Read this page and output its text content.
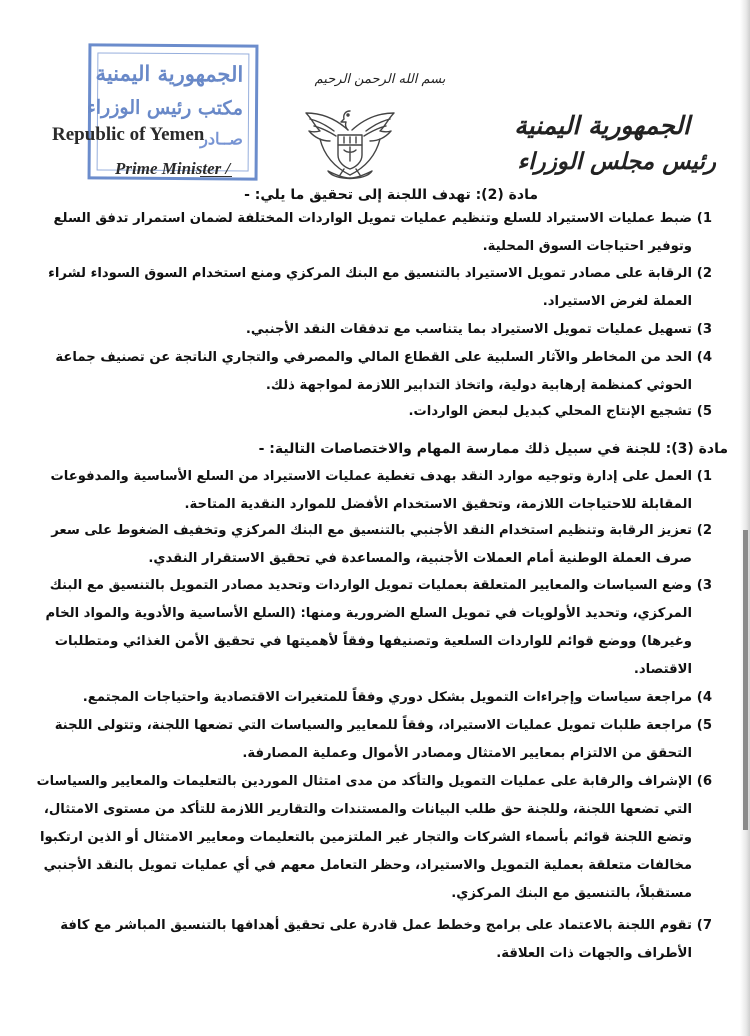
الجمهورية اليمنية
مكتب رئيس الوزراء
صــادر
Republic of Yemen
Prime Minister /
بسم الله الرحمن الرحيم
الجمهورية اليمنية
رئيس مجلس الوزراء
مادة (2): تهدف اللجنة إلى تحقيق ما يلي: -
1)
ضبط عمليات الاستيراد للسلع وتنظيم عمليات تمويل الواردات المختلفة لضمان استمرار تدفق السلع
وتوفير احتياجات السوق المحلية.
2)
الرقابة على مصادر تمويل الاستيراد بالتنسيق مع البنك المركزي ومنع استخدام السوق السوداء لشراء
العملة لغرض الاستيراد.
3)
تسهيل عمليات تمويل الاستيراد بما يتناسب مع تدفقات النقد الأجنبي.
4)
الحد من المخاطر والآثار السلبية على القطاع المالي والمصرفي والتجاري الناتجة عن تصنيف جماعة
الحوثي كمنظمة إرهابية دولية، واتخاذ التدابير اللازمة لمواجهة ذلك.
5)
تشجيع الإنتاج المحلي كبديل لبعض الواردات.
مادة (3): للجنة في سبيل ذلك ممارسة المهام والاختصاصات التالية: -
1)
العمل على إدارة وتوجيه موارد النقد بهدف تغطية عمليات الاستيراد من السلع الأساسية والمدفوعات
المقابلة للاحتياجات اللازمة، وتحقيق الاستخدام الأفضل للموارد النقدية المتاحة.
2)
تعزيز الرقابة وتنظيم استخدام النقد الأجنبي بالتنسيق مع البنك المركزي وتخفيف الضغوط على سعر
صرف العملة الوطنية أمام العملات الأجنبية، والمساعدة في تحقيق الاستقرار النقدي.
3)
وضع السياسات والمعايير المتعلقة بعمليات تمويل الواردات وتحديد مصادر التمويل بالتنسيق مع البنك
المركزي، وتحديد الأولويات في تمويل السلع الضرورية ومنها: (السلع الأساسية والأدوية والمواد الخام
وغيرها) ووضع قوائم للواردات السلعية وتصنيفها وفقاً لأهميتها في تحقيق الأمن الغذائي ومتطلبات
الاقتصاد.
4)
مراجعة سياسات وإجراءات التمويل بشكل دوري وفقاً للمتغيرات الاقتصادية واحتياجات المجتمع.
5)
مراجعة طلبات تمويل عمليات الاستيراد، وفقاً للمعايير والسياسات التي تضعها اللجنة، وتتولى اللجنة
التحقق من الالتزام بمعايير الامتثال ومصادر الأموال وعملية المصارفة.
6)
الإشراف والرقابة على عمليات التمويل والتأكد من مدى امتثال الموردين بالتعليمات والمعايير والسياسات
التي تضعها اللجنة، وللجنة حق طلب البيانات والمستندات والتقارير اللازمة للتأكد من مستوى الامتثال،
وتضع اللجنة قوائم بأسماء الشركات والتجار غير الملتزمين بالتعليمات ومعايير الامتثال أو الذين ارتكبوا
مخالفات متعلقة بعملية التمويل والاستيراد، وحظر التعامل معهم في أي عمليات تمويل بالنقد الأجنبي
مستقبلاً، بالتنسيق مع البنك المركزي.
7)
تقوم اللجنة بالاعتماد على برامج وخطط عمل قادرة على تحقيق أهدافها بالتنسيق المباشر مع كافة
الأطراف والجهات ذات العلاقة.
